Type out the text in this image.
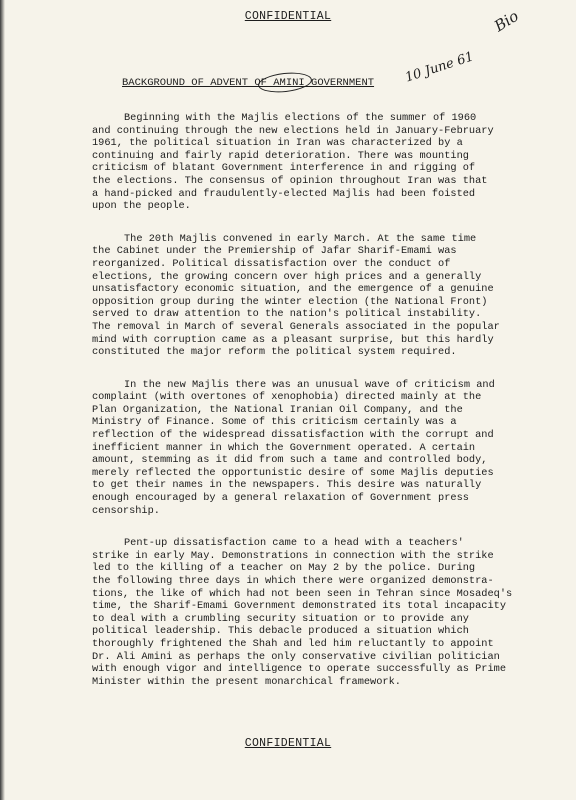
CONFIDENTIAL	Bio
10 June 61
BACKGROUND OF ADVENT OF AMINI GOVERNMENT
Beginning with the Majlis elections of the summer of 1960
and continuing through the new elections held in January-February
1961, the political situation in Iran was characterized by a
continuing and fairly rapid deterioration. There was mounting
criticism of blatant Government interference in and rigging of
the elections. The consensus of opinion throughout Iran was that
a hand-picked and fraudulently-elected Majlis had been foisted
upon the people.
The 20th Majlis convened in early March. At the same time
the Cabinet under the Premiership of Jafar Sharif-Emami was
reorganized. Political dissatisfaction over the conduct of
elections, the growing concern over high prices and a generally
unsatisfactory economic situation, and the emergence of a genuine
opposition group during the winter election (the National Front)
served to draw attention to the nation's political instability.
The removal in March of several Generals associated in the popular
mind with corruption came as a pleasant surprise, but this hardly
constituted the major reform the political system required.
In the new Majlis there was an unusual wave of criticism and
complaint (with overtones of xenophobia) directed mainly at the
Plan Organization, the National Iranian Oil Company, and the
Ministry of Finance. Some of this criticism certainly was a
reflection of the widespread dissatisfaction with the corrupt and
inefficient manner in which the Government operated. A certain
amount, stemming as it did from such a tame and controlled body,
merely reflected the opportunistic desire of some Majlis deputies
to get their names in the newspapers. This desire was naturally
enough encouraged by a general relaxation of Government press
censorship.
Pent-up dissatisfaction came to a head with a teachers'
strike in early May. Demonstrations in connection with the strike
led to the killing of a teacher on May 2 by the police. During
the following three days in which there were organized demonstra-
tions, the like of which had not been seen in Tehran since Mosadeq's
time, the Sharif-Emami Government demonstrated its total incapacity
to deal with a crumbling security situation or to provide any
political leadership. This debacle produced a situation which
thoroughly frightened the Shah and led him reluctantly to appoint
Dr. Ali Amini as perhaps the only conservative civilian politician
with enough vigor and intelligence to operate successfully as Prime
Minister within the present monarchical framework.
CONFIDENTIAL
